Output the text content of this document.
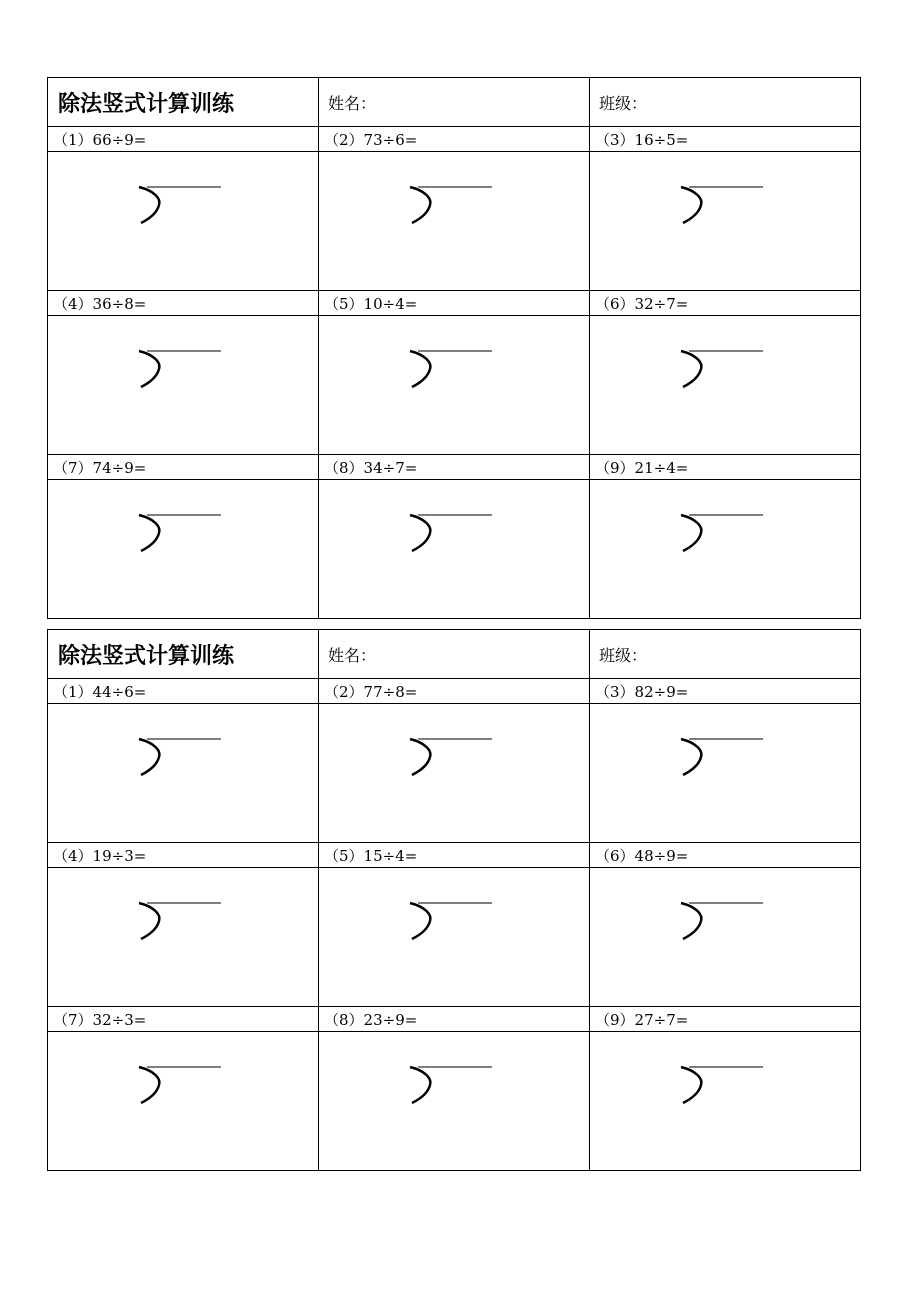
除法竖式计算训练	姓名：	班级：
（1）66÷9=	（2）73÷6=	（3）16÷5=

（4）36÷8=	（5）10÷4=	（6）32÷7=

（7）74÷9=	（8）34÷7=	（9）21÷4=

除法竖式计算训练	姓名：	班级：
（1）44÷6=	（2）77÷8=	（3）82÷9=

（4）19÷3=	（5）15÷4=	（6）48÷9=

（7）32÷3=	（8）23÷9=	（9）27÷7=
